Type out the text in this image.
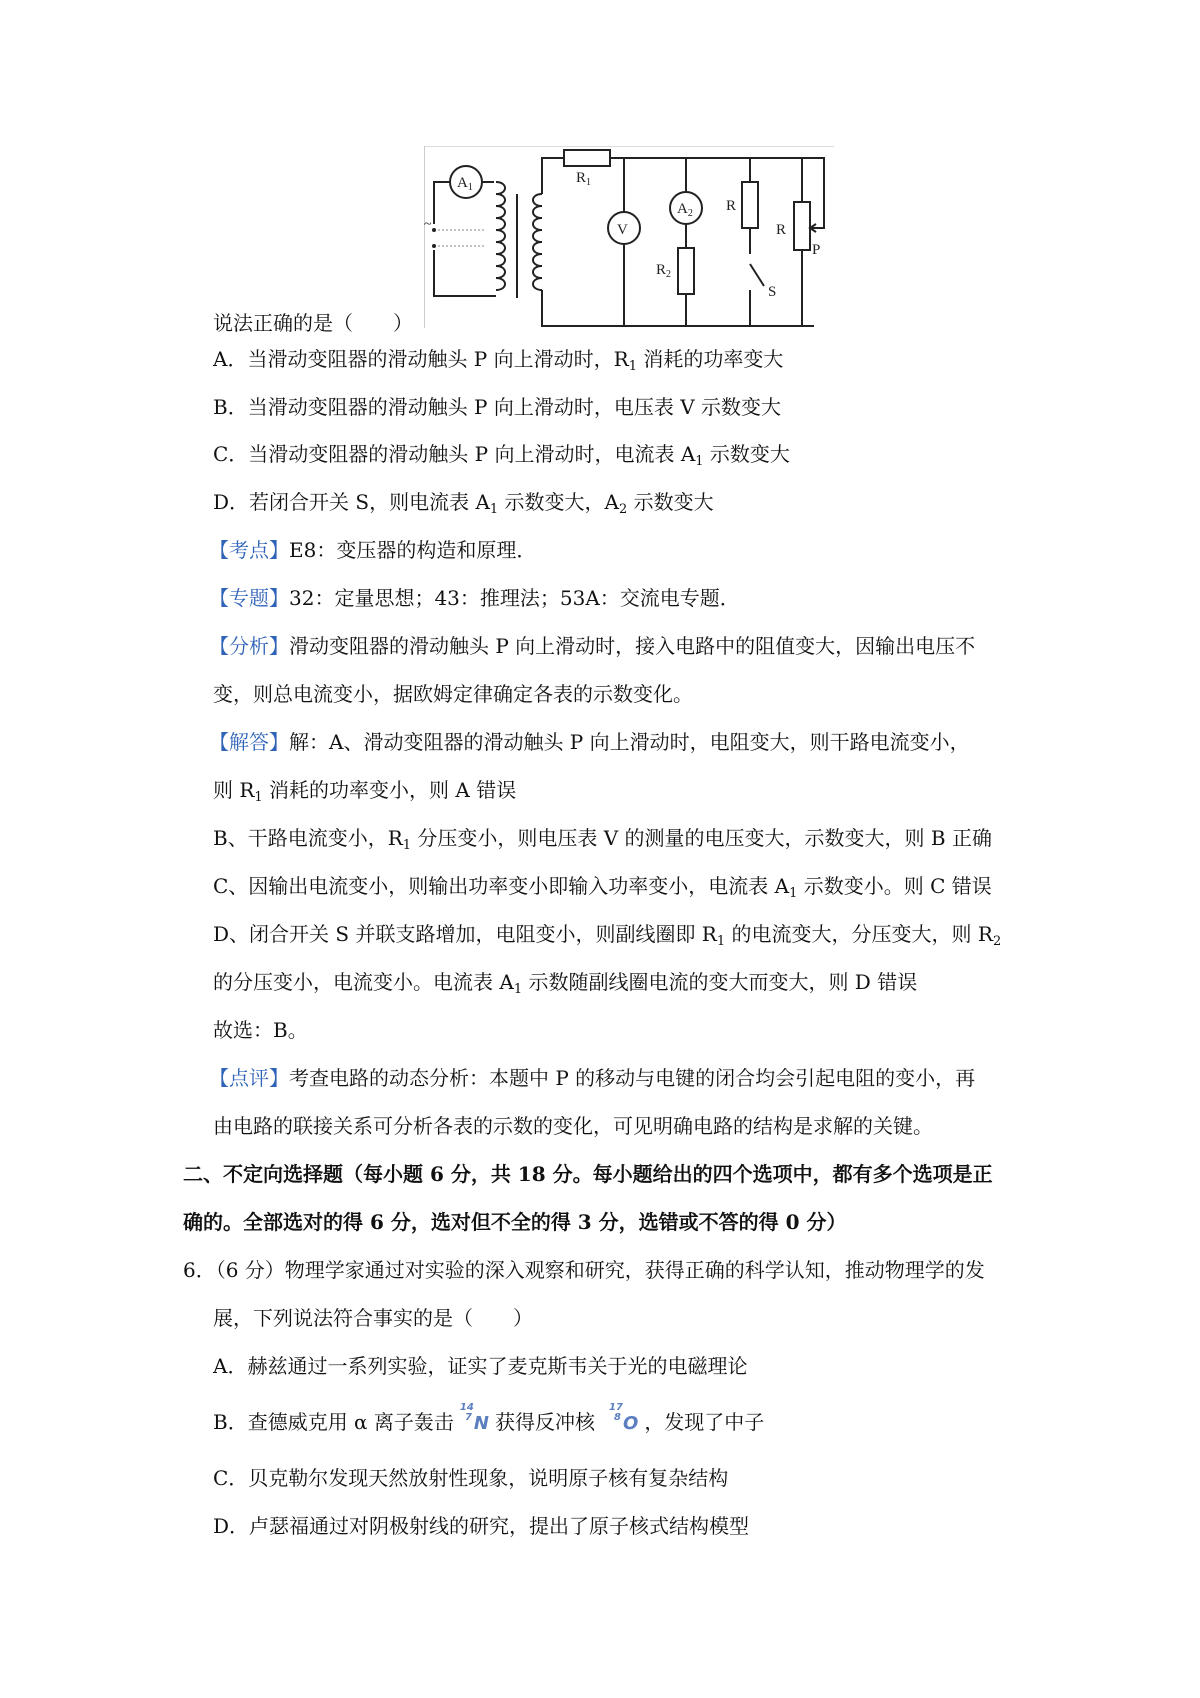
$A_1$
~
$R_1$
V
$A_2$
$R_2$
R
S
R
P
说法正确的是（　　）
A．当滑动变阻器的滑动触头 P 向上滑动时，$R_1$ 消耗的功率变大
B．当滑动变阻器的滑动触头 P 向上滑动时，电压表 V 示数变大
C．当滑动变阻器的滑动触头 P 向上滑动时，电流表 $A_1$ 示数变大
D．若闭合开关 S，则电流表 $A_1$ 示数变大，$A_2$ 示数变大
【考点】E8：变压器的构造和原理．
【专题】32：定量思想；43：推理法；53A：交流电专题．
【分析】滑动变阻器的滑动触头 P 向上滑动时，接入电路中的阻值变大，因输出电压不
变，则总电流变小，据欧姆定律确定各表的示数变化。
【解答】解：A、滑动变阻器的滑动触头 P 向上滑动时，电阻变大，则干路电流变小，
则 $R_1$ 消耗的功率变小，则 A 错误
B、干路电流变小，$R_1$ 分压变小，则电压表 V 的测量的电压变大，示数变大，则 B 正确
C、因输出电流变小，则输出功率变小即输入功率变小，电流表 $A_1$ 示数变小。则 C 错误
D、闭合开关 S 并联支路增加，电阻变小，则副线圈即 $R_1$ 的电流变大，分压变大，则 $R_2$
的分压变小，电流变小。电流表 $A_1$ 示数随副线圈电流的变大而变大，则 D 错误
故选：B。
【点评】考查电路的动态分析：本题中 P 的移动与电键的闭合均会引起电阻的变小，再
由电路的联接关系可分析各表的示数的变化，可见明确电路的结构是求解的关键。
二、不定向选择题（每小题 6 分，共 18 分。每小题给出的四个选项中，都有多个选项是正
确的。全部选对的得 6 分，选对但不全的得 3 分，选错或不答的得 0 分）
6．（6 分）物理学家通过对实验的深入观察和研究，获得正确的科学认知，推动物理学的发
展，下列说法符合事实的是（　　）
A．赫兹通过一系列实验，证实了麦克斯韦关于光的电磁理论
B．查德威克用 α 离子轰击
14
7 N 获得反冲核
17
8 O ，发现了中子
C．贝克勒尔发现天然放射性现象，说明原子核有复杂结构
D．卢瑟福通过对阴极射线的研究，提出了原子核式结构模型
